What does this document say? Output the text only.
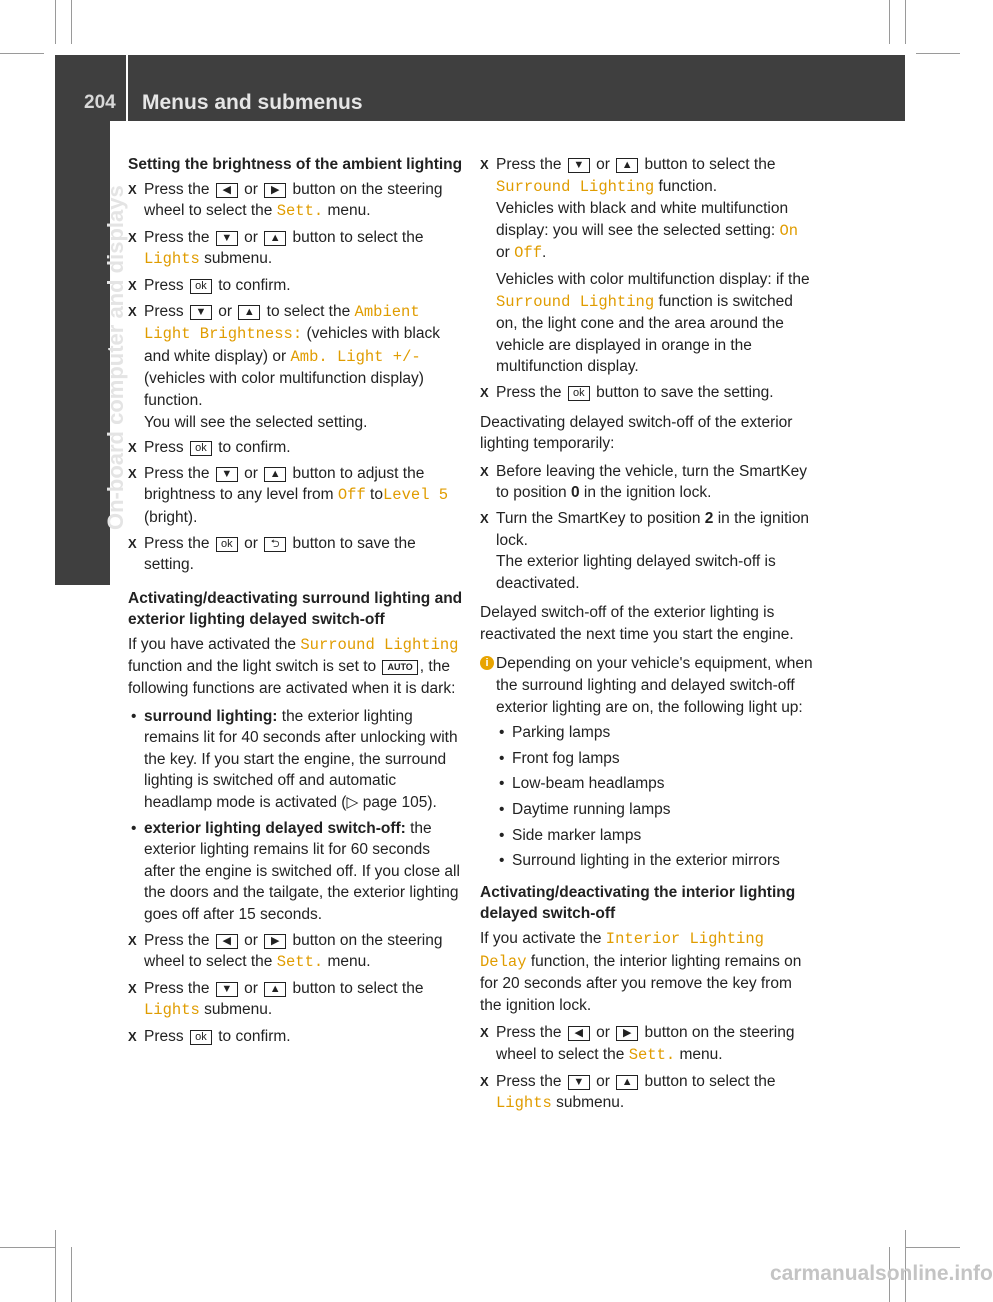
204 Menus and submenus
On-board computer and displays

Setting the brightness of the ambient lighting

X Press the ◀ or ▶ button on the steering wheel to select the Sett. menu.

X Press the ▼ or ▲ button to select the Lights submenu.

X Press ok to confirm.

X Press ▼ or ▲ to select the Ambient Light Brightness: (vehicles with black and white display) or Amb. Light +/- (vehicles with color multifunction display) function.

You will see the selected setting.

X Press ok to confirm.

X Press the ▼ or ▲ button to adjust the brightness to any level from Off toLevel 5 (bright).

X Press the ok or ⮌ button to save the setting.

Activating/deactivating surround lighting and exterior lighting delayed switch-off

If you have activated the Surround Lighting function and the light switch is set to AUTO , the following functions are activated when it is dark:

• surround lighting: the exterior lighting remains lit for 40 seconds after unlocking with the key. If you start the engine, the surround lighting is switched off and automatic headlamp mode is activated (▷ page 105).

• exterior lighting delayed switch-off: the exterior lighting remains lit for 60 seconds after the engine is switched off. If you close all the doors and the tailgate, the exterior lighting goes off after 15 seconds.

X Press the ◀ or ▶ button on the steering wheel to select the Sett. menu.

X Press the ▼ or ▲ button to select the Lights submenu.

X Press ok to confirm.

X Press the ▼ or ▲ button to select the Surround Lighting function.

Vehicles with black and white multifunction display: you will see the selected setting: On or Off.

Vehicles with color multifunction display: if the Surround Lighting function is switched on, the light cone and the area around the vehicle are displayed in orange in the multifunction display.

X Press the ok button to save the setting.

Deactivating delayed switch-off of the exterior lighting temporarily:

X Before leaving the vehicle, turn the SmartKey to position 0 in the ignition lock.

X Turn the SmartKey to position 2 in the ignition lock.

The exterior lighting delayed switch-off is deactivated.

Delayed switch-off of the exterior lighting is reactivated the next time you start the engine.

i Depending on your vehicle's equipment, when the surround lighting and delayed switch-off exterior lighting are on, the following light up:

• Parking lamps

• Front fog lamps

• Low-beam headlamps

• Daytime running lamps

• Side marker lamps

• Surround lighting in the exterior mirrors

Activating/deactivating the interior lighting delayed switch-off

If you activate the Interior Lighting Delay function, the interior lighting remains on for 20 seconds after you remove the key from the ignition lock.

X Press the ◀ or ▶ button on the steering wheel to select the Sett. menu.

X Press the ▼ or ▲ button to select the Lights submenu.

carmanualsonline.info
